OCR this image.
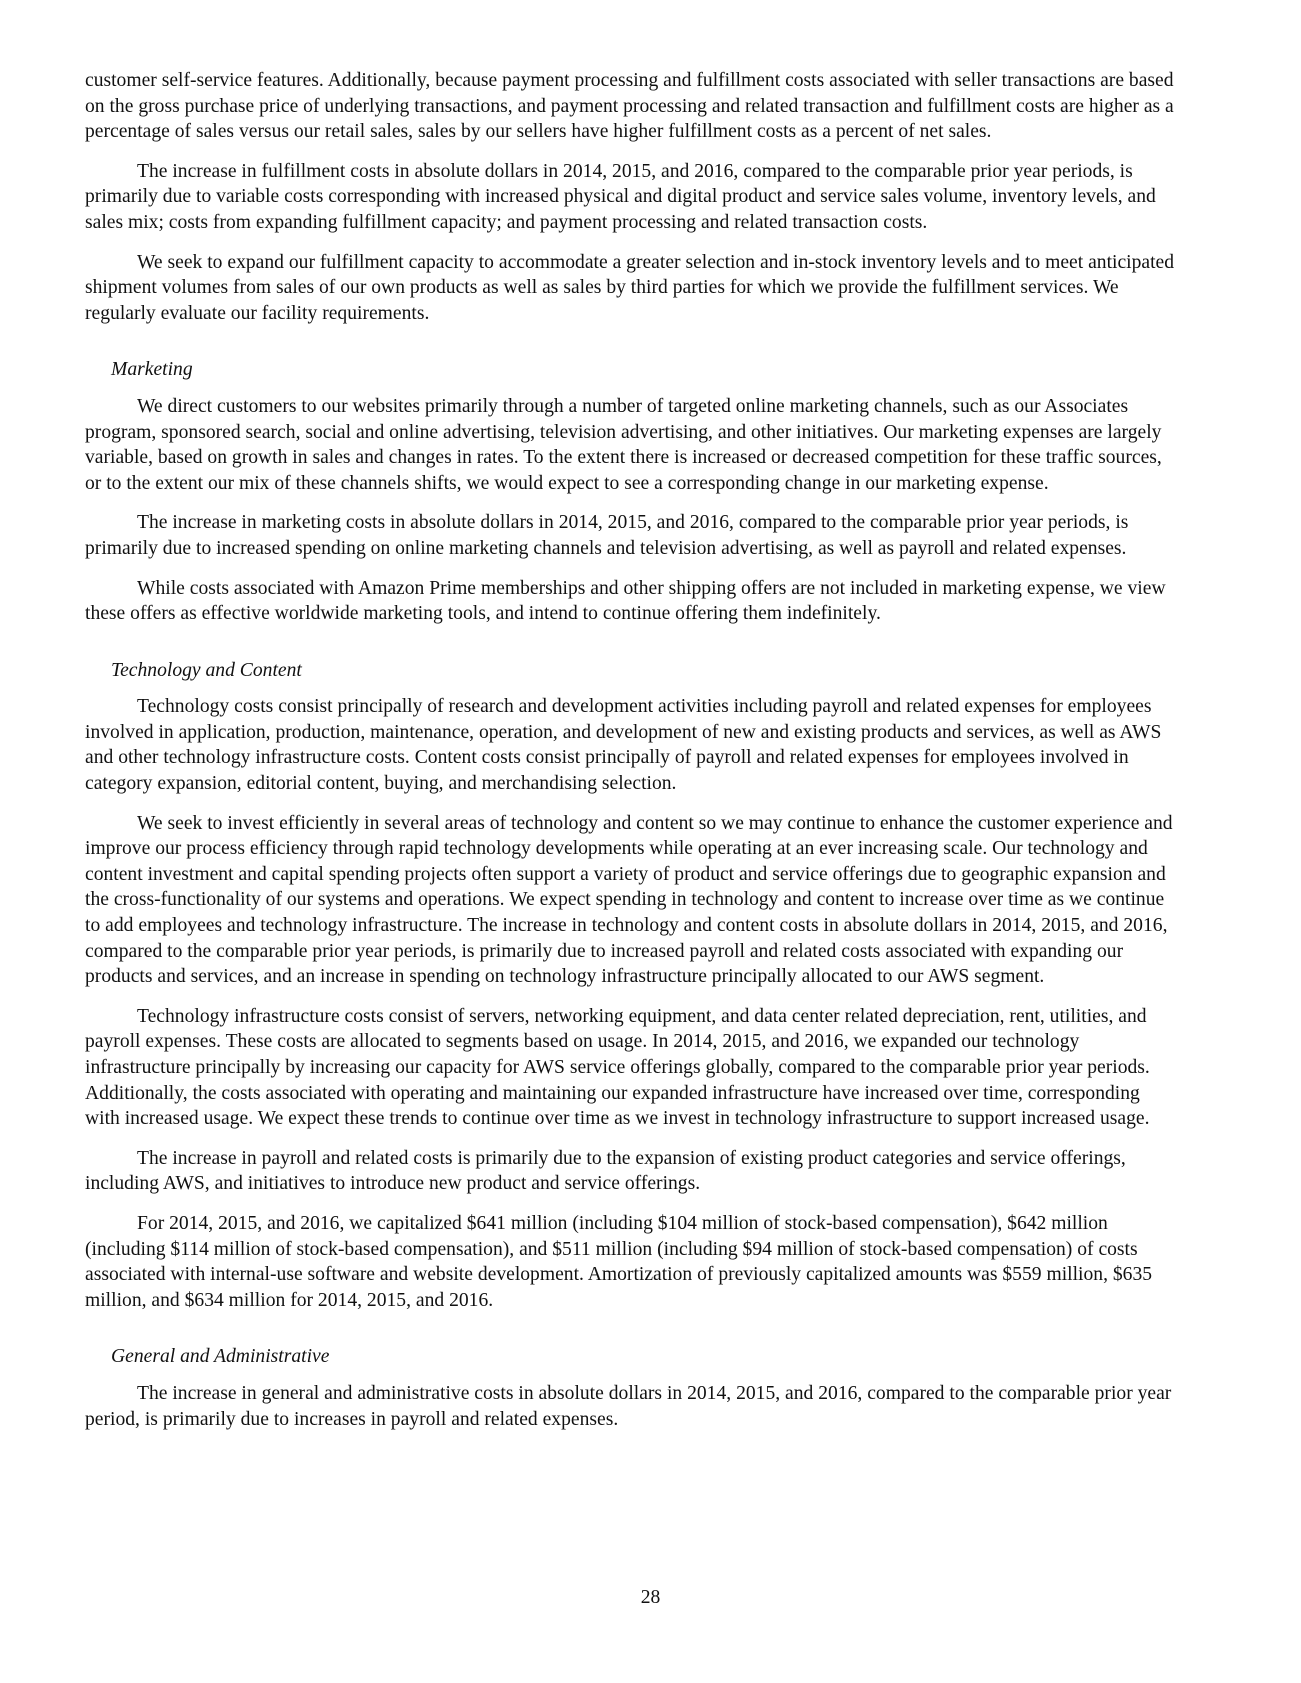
customer self-service features. Additionally, because payment processing and fulfillment costs associated with seller transactions are based on the gross purchase price of underlying transactions, and payment processing and related transaction and fulfillment costs are higher as a percentage of sales versus our retail sales, sales by our sellers have higher fulfillment costs as a percent of net sales.

The increase in fulfillment costs in absolute dollars in 2014, 2015, and 2016, compared to the comparable prior year periods, is primarily due to variable costs corresponding with increased physical and digital product and service sales volume, inventory levels, and sales mix; costs from expanding fulfillment capacity; and payment processing and related transaction costs.

We seek to expand our fulfillment capacity to accommodate a greater selection and in-stock inventory levels and to meet anticipated shipment volumes from sales of our own products as well as sales by third parties for which we provide the fulfillment services. We regularly evaluate our facility requirements.

Marketing

We direct customers to our websites primarily through a number of targeted online marketing channels, such as our Associates program, sponsored search, social and online advertising, television advertising, and other initiatives. Our marketing expenses are largely variable, based on growth in sales and changes in rates. To the extent there is increased or decreased competition for these traffic sources, or to the extent our mix of these channels shifts, we would expect to see a corresponding change in our marketing expense.

The increase in marketing costs in absolute dollars in 2014, 2015, and 2016, compared to the comparable prior year periods, is primarily due to increased spending on online marketing channels and television advertising, as well as payroll and related expenses.

While costs associated with Amazon Prime memberships and other shipping offers are not included in marketing expense, we view these offers as effective worldwide marketing tools, and intend to continue offering them indefinitely.

Technology and Content

Technology costs consist principally of research and development activities including payroll and related expenses for employees involved in application, production, maintenance, operation, and development of new and existing products and services, as well as AWS and other technology infrastructure costs. Content costs consist principally of payroll and related expenses for employees involved in category expansion, editorial content, buying, and merchandising selection.

We seek to invest efficiently in several areas of technology and content so we may continue to enhance the customer experience and improve our process efficiency through rapid technology developments while operating at an ever increasing scale. Our technology and content investment and capital spending projects often support a variety of product and service offerings due to geographic expansion and the cross-functionality of our systems and operations. We expect spending in technology and content to increase over time as we continue to add employees and technology infrastructure. The increase in technology and content costs in absolute dollars in 2014, 2015, and 2016, compared to the comparable prior year periods, is primarily due to increased payroll and related costs associated with expanding our products and services, and an increase in spending on technology infrastructure principally allocated to our AWS segment.

Technology infrastructure costs consist of servers, networking equipment, and data center related depreciation, rent, utilities, and payroll expenses. These costs are allocated to segments based on usage. In 2014, 2015, and 2016, we expanded our technology infrastructure principally by increasing our capacity for AWS service offerings globally, compared to the comparable prior year periods. Additionally, the costs associated with operating and maintaining our expanded infrastructure have increased over time, corresponding with increased usage. We expect these trends to continue over time as we invest in technology infrastructure to support increased usage.

The increase in payroll and related costs is primarily due to the expansion of existing product categories and service offerings, including AWS, and initiatives to introduce new product and service offerings.

For 2014, 2015, and 2016, we capitalized $641 million (including $104 million of stock-based compensation), $642 million (including $114 million of stock-based compensation), and $511 million (including $94 million of stock-based compensation) of costs associated with internal-use software and website development. Amortization of previously capitalized amounts was $559 million, $635 million, and $634 million for 2014, 2015, and 2016.

General and Administrative

The increase in general and administrative costs in absolute dollars in 2014, 2015, and 2016, compared to the comparable prior year period, is primarily due to increases in payroll and related expenses.

28
